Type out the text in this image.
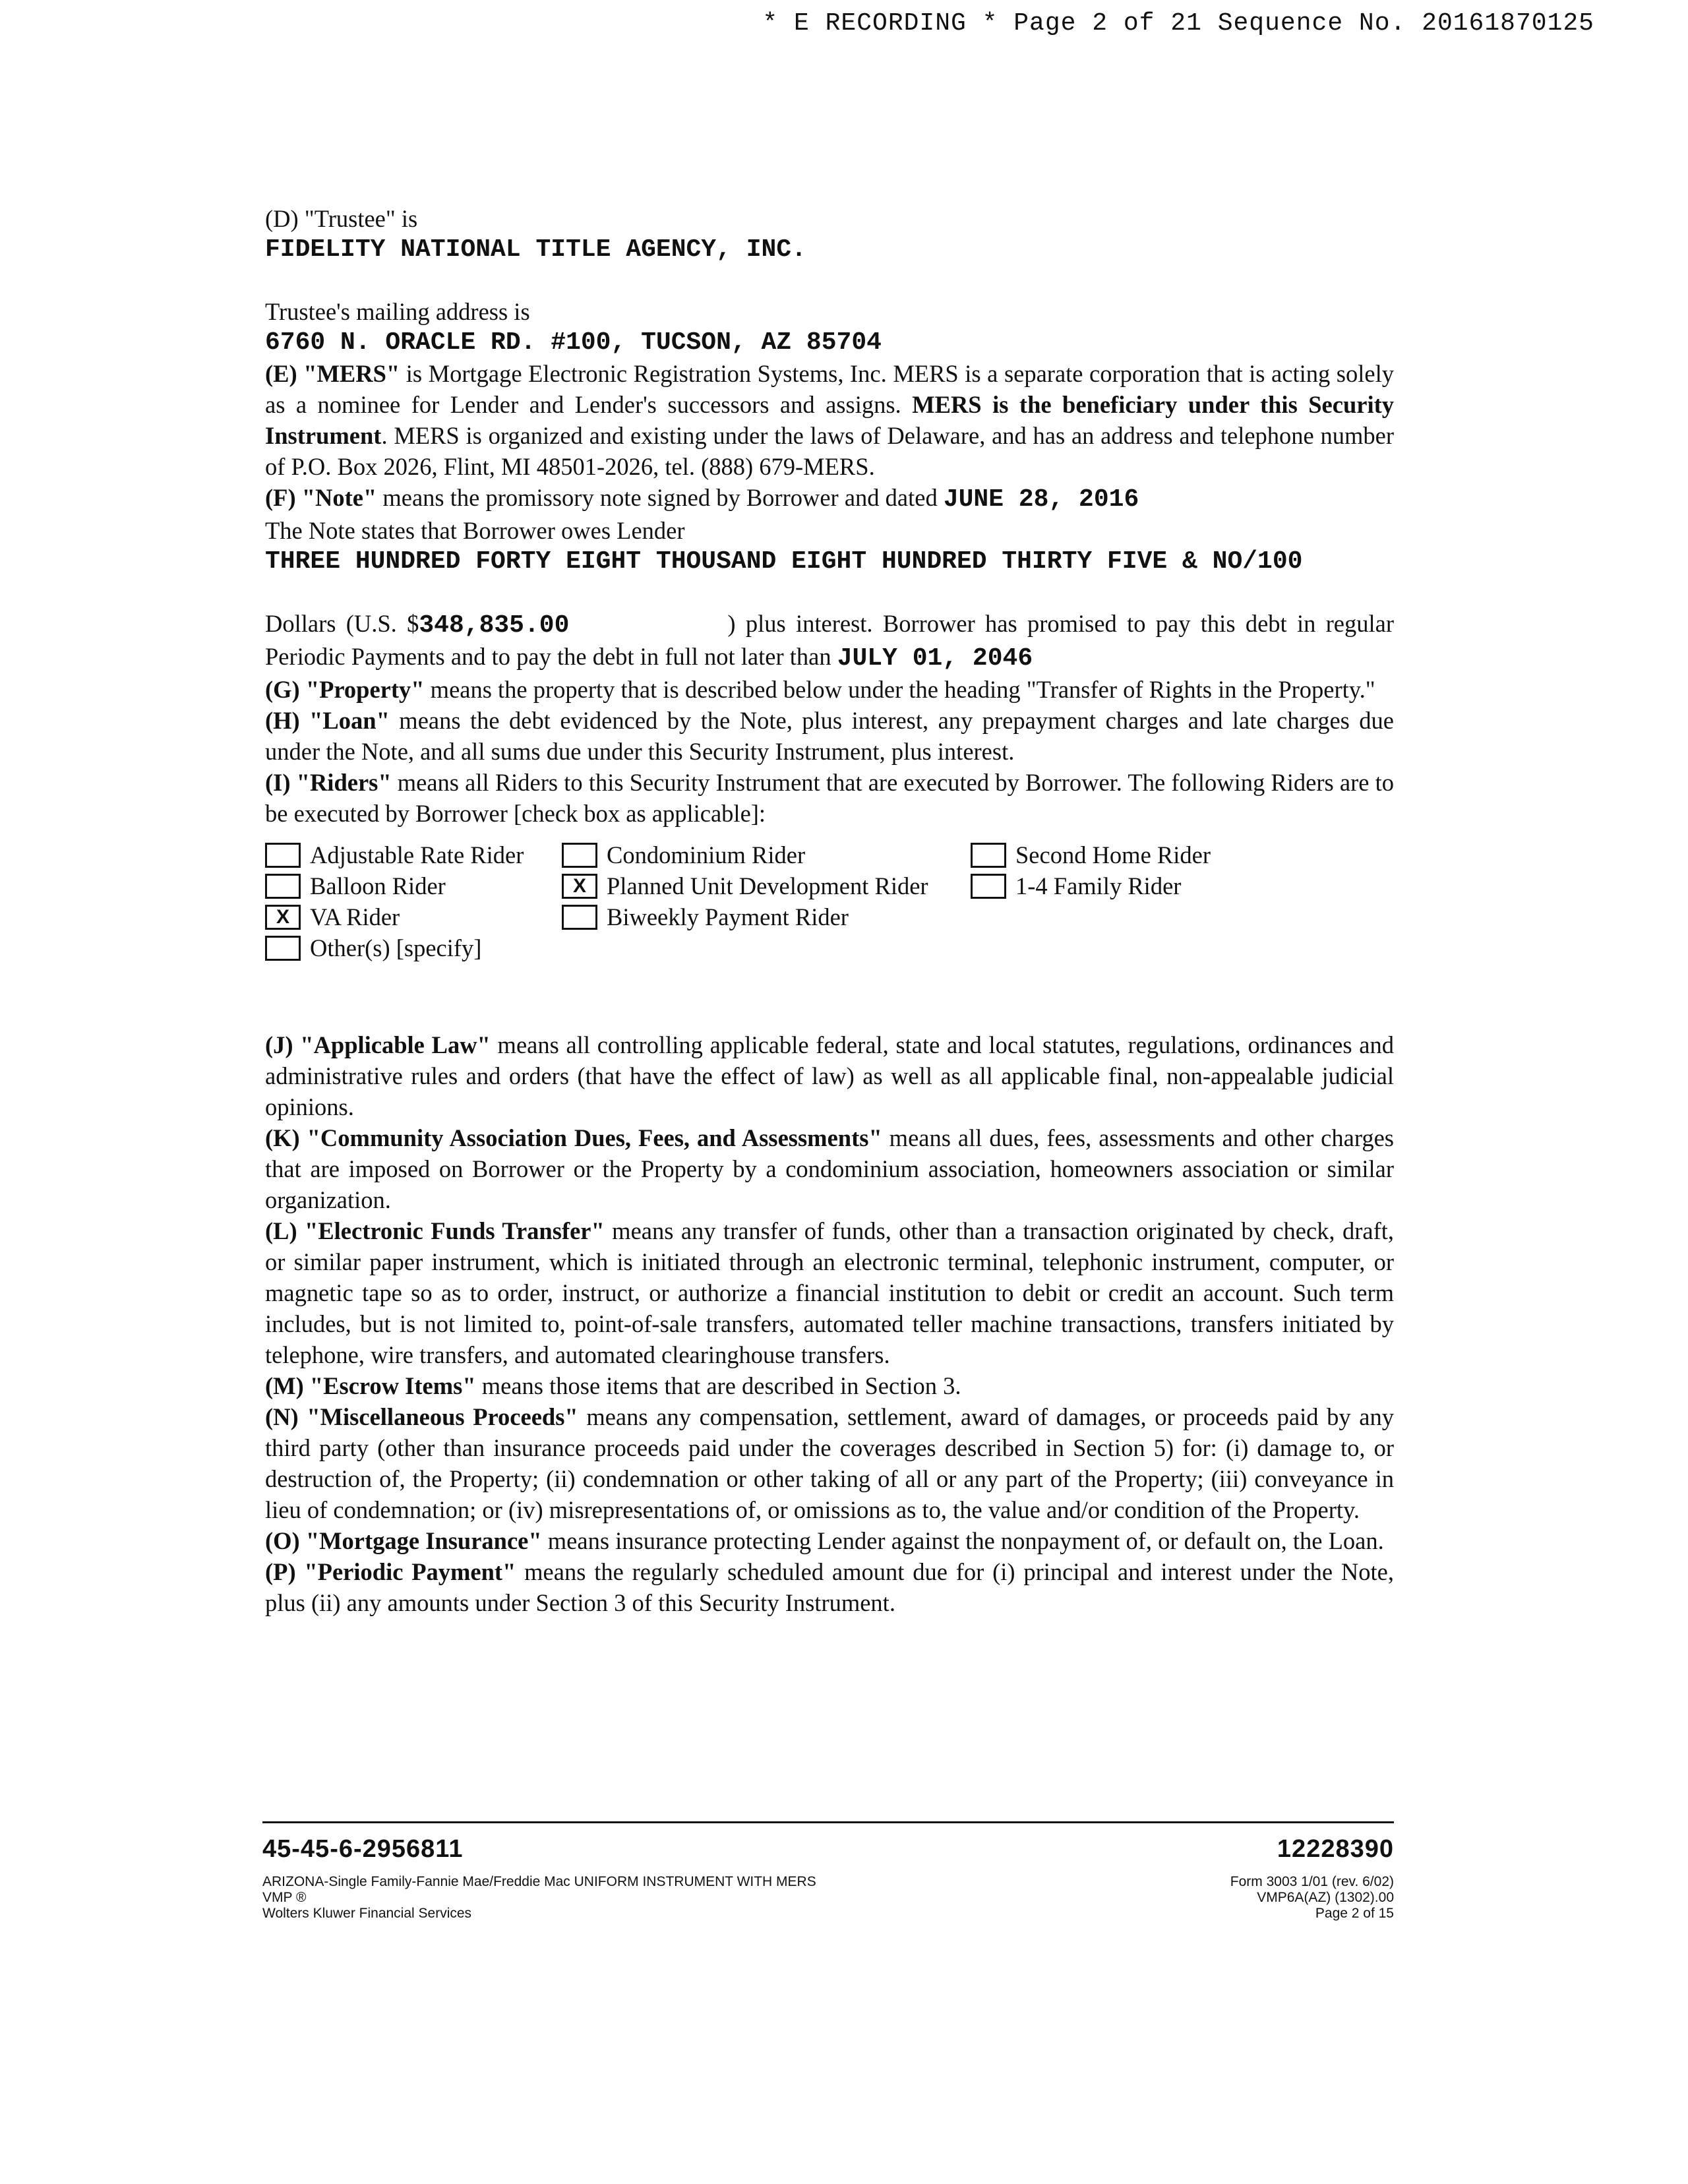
* E RECORDING * Page 2 of 21 Sequence No. 20161870125

(D) "Trustee" is

FIDELITY NATIONAL TITLE AGENCY, INC.

Trustee's mailing address is

6760 N. ORACLE RD. #100, TUCSON, AZ 85704

(E) "MERS" is Mortgage Electronic Registration Systems, Inc. MERS is a separate corporation that is acting solely as a nominee for Lender and Lender's successors and assigns. MERS is the beneficiary under this Security Instrument. MERS is organized and existing under the laws of Delaware, and has an address and telephone number of P.O. Box 2026, Flint, MI 48501-2026, tel. (888) 679-MERS.

(F) "Note" means the promissory note signed by Borrower and dated JUNE 28, 2016

The Note states that Borrower owes Lender

THREE HUNDRED FORTY EIGHT THOUSAND EIGHT HUNDRED THIRTY FIVE & NO/100

Dollars (U.S. $348,835.00	) plus interest. Borrower has promised to pay this debt in regular Periodic Payments and to pay the debt in full not later than JULY 01, 2046

(G) "Property" means the property that is described below under the heading "Transfer of Rights in the Property."

(H) "Loan" means the debt evidenced by the Note, plus interest, any prepayment charges and late charges due under the Note, and all sums due under this Security Instrument, plus interest.

(I) "Riders" means all Riders to this Security Instrument that are executed by Borrower. The following Riders are to be executed by Borrower [check box as applicable]:

Adjustable Rate Rider	Condominium Rider	Second Home Rider
Balloon Rider	X Planned Unit Development Rider	1-4 Family Rider
X VA Rider	Biweekly Payment Rider
Other(s) [specify]

(J) "Applicable Law" means all controlling applicable federal, state and local statutes, regulations, ordinances and administrative rules and orders (that have the effect of law) as well as all applicable final, non-appealable judicial opinions.

(K) "Community Association Dues, Fees, and Assessments" means all dues, fees, assessments and other charges that are imposed on Borrower or the Property by a condominium association, homeowners association or similar organization.

(L) "Electronic Funds Transfer" means any transfer of funds, other than a transaction originated by check, draft, or similar paper instrument, which is initiated through an electronic terminal, telephonic instrument, computer, or magnetic tape so as to order, instruct, or authorize a financial institution to debit or credit an account. Such term includes, but is not limited to, point-of-sale transfers, automated teller machine transactions, transfers initiated by telephone, wire transfers, and automated clearinghouse transfers.

(M) "Escrow Items" means those items that are described in Section 3.

(N) "Miscellaneous Proceeds" means any compensation, settlement, award of damages, or proceeds paid by any third party (other than insurance proceeds paid under the coverages described in Section 5) for: (i) damage to, or destruction of, the Property; (ii) condemnation or other taking of all or any part of the Property; (iii) conveyance in lieu of condemnation; or (iv) misrepresentations of, or omissions as to, the value and/or condition of the Property.

(O) "Mortgage Insurance" means insurance protecting Lender against the nonpayment of, or default on, the Loan.

(P) "Periodic Payment" means the regularly scheduled amount due for (i) principal and interest under the Note, plus (ii) any amounts under Section 3 of this Security Instrument.

45-45-6-2956811	12228390
ARIZONA-Single Family-Fannie Mae/Freddie Mac UNIFORM INSTRUMENT WITH MERS
VMP ®
Wolters Kluwer Financial Services
Form 3003 1/01 (rev. 6/02)
VMP6A(AZ) (1302).00
Page 2 of 15
